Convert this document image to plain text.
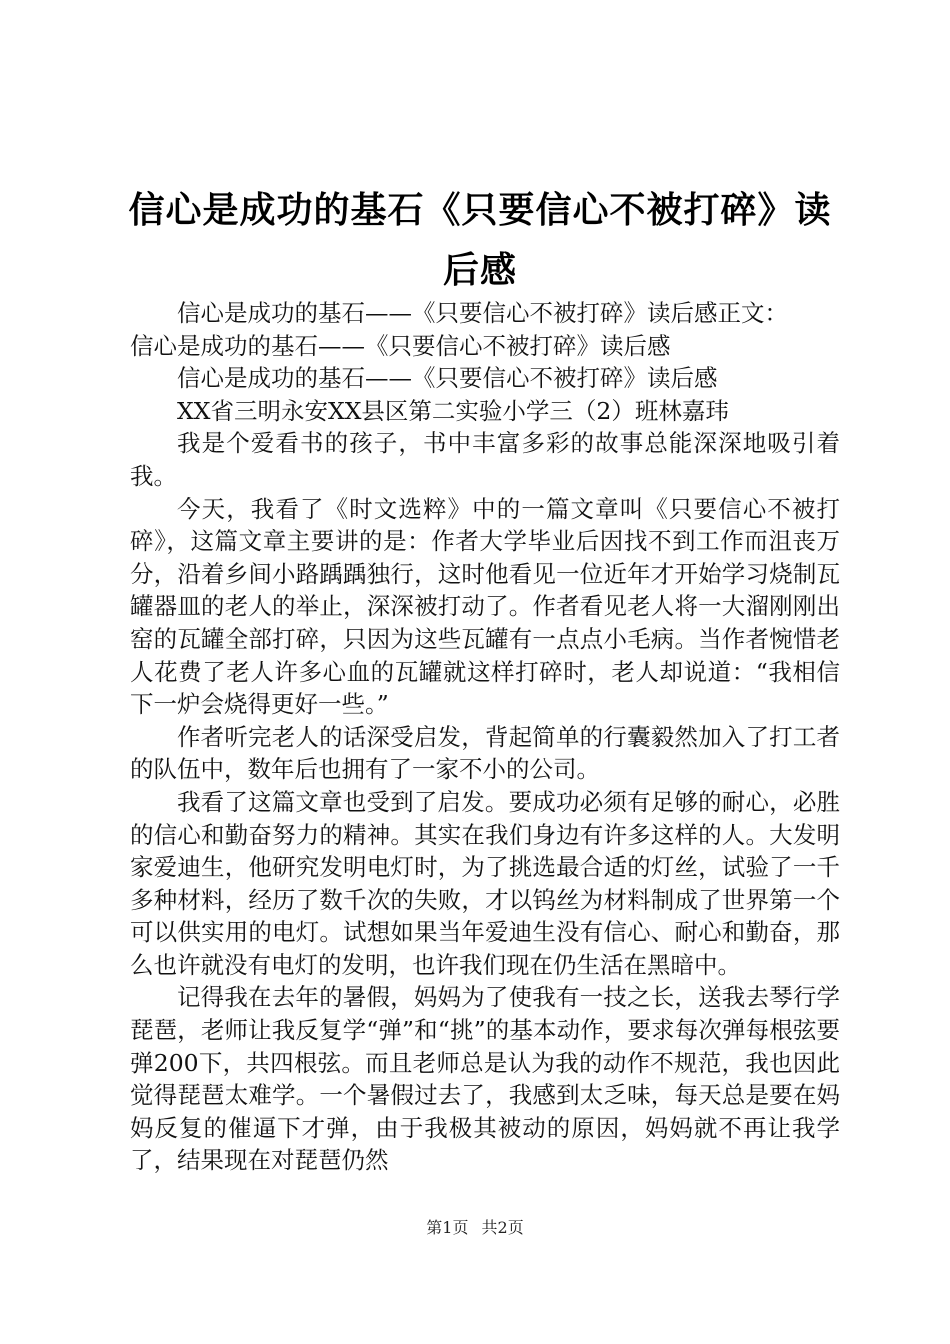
信心是成功的基石《只要信心不被打碎》读后感

信心是成功的基石——《只要信心不被打碎》读后感正文：

信心是成功的基石——《只要信心不被打碎》读后感

信心是成功的基石——《只要信心不被打碎》读后感

XX省三明永安XX县区第二实验小学三（2）班林嘉玮

我是个爱看书的孩子，书中丰富多彩的故事总能深深地吸引着我。

今天，我看了《时文选粹》中的一篇文章叫《只要信心不被打碎》，这篇文章主要讲的是：作者大学毕业后因找不到工作而沮丧万分，沿着乡间小路踽踽独行，这时他看见一位近年才开始学习烧制瓦罐器皿的老人的举止，深深被打动了。作者看见老人将一大溜刚刚出窑的瓦罐全部打碎，只因为这些瓦罐有一点点小毛病。当作者惋惜老人花费了老人许多心血的瓦罐就这样打碎时，老人却说道：“我相信下一炉会烧得更好一些。”

作者听完老人的话深受启发，背起简单的行囊毅然加入了打工者的队伍中，数年后也拥有了一家不小的公司。

我看了这篇文章也受到了启发。要成功必须有足够的耐心，必胜的信心和勤奋努力的精神。其实在我们身边有许多这样的人。大发明家爱迪生，他研究发明电灯时，为了挑选最合适的灯丝，试验了一千多种材料，经历了数千次的失败，才以钨丝为材料制成了世界第一个可以供实用的电灯。试想如果当年爱迪生没有信心、耐心和勤奋，那么也许就没有电灯的发明，也许我们现在仍生活在黑暗中。

记得我在去年的暑假，妈妈为了使我有一技之长，送我去琴行学琵琶，老师让我反复学“弹”和“挑”的基本动作，要求每次弹每根弦要弹200下，共四根弦。而且老师总是认为我的动作不规范，我也因此觉得琵琶太难学。一个暑假过去了，我感到太乏味，每天总是要在妈妈反复的催逼下才弹，由于我极其被动的原因，妈妈就不再让我学了，结果现在对琵琶仍然

第1页 共2页
